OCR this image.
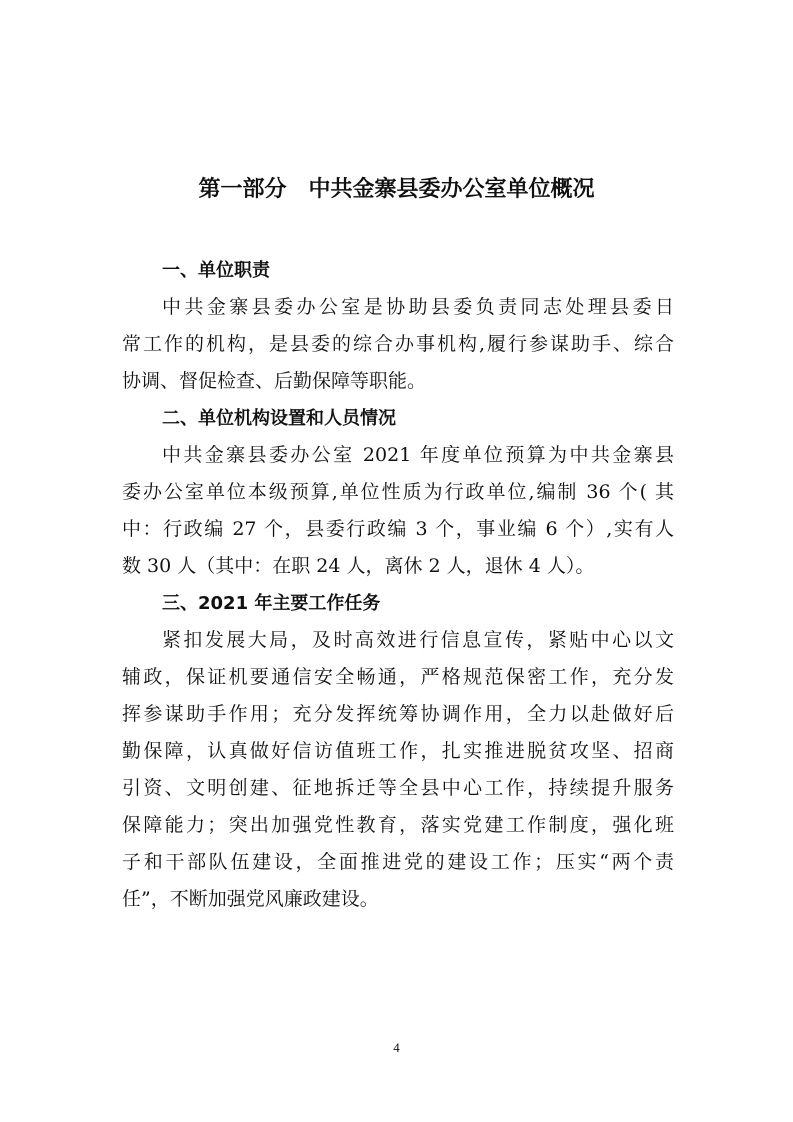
第一部分　中共金寨县委办公室单位概况
一、单位职责
中共金寨县委办公室是协助县委负责同志处理县委日
常工作的机构，是县委的综合办事机构,履行参谋助手、综合
协调、督促检查、后勤保障等职能。
二、单位机构设置和人员情况
中共金寨县委办公室 2021 年度单位预算为中共金寨县
委办公室单位本级预算,单位性质为行政单位,编制 36 个( 其
中：行政编 27 个，县委行政编 3 个，事业编 6 个）,实有人
数 30 人（其中：在职 24 人，离休 2 人，退休 4 人）。
三、2021 年主要工作任务
紧扣发展大局，及时高效进行信息宣传，紧贴中心以文
辅政，保证机要通信安全畅通，严格规范保密工作，充分发
挥参谋助手作用；充分发挥统筹协调作用，全力以赴做好后
勤保障，认真做好信访值班工作，扎实推进脱贫攻坚、招商
引资、文明创建、征地拆迁等全县中心工作，持续提升服务
保障能力；突出加强党性教育，落实党建工作制度，强化班
子和干部队伍建设，全面推进党的建设工作；压实“两个责
任”，不断加强党风廉政建设。
4
